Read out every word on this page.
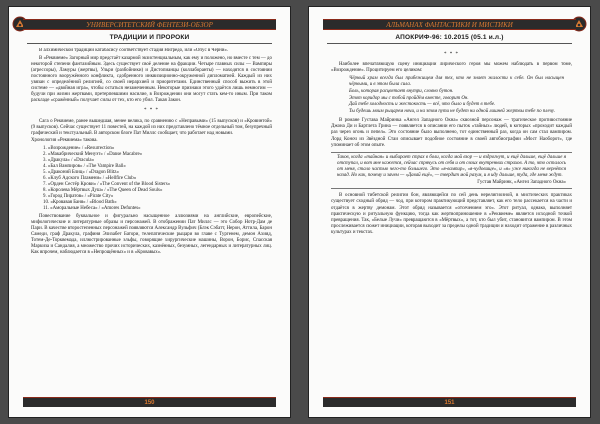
УНИВЕРСИТЕТСКИЙ ФЕНТЕЗИ-ОБЗОР
ТРАДИЦИИ И ПРОРОКИ

В алхимической традиции катабасису соответствует стадия Нигредо, или «Опус в Черни».

В «Реквиеме» Загорный мир предстаёт казармой экзистенциальным, как ему и положено, но вместе с тем — до некоторой степени фантазийным. Здесь существует своё деление на фракции. Четыре главных силы — Вампиры (агрессоры), Ламуры (жертвы), Ульри (разбойники) и Дистопианцы (коллаборанты) — находятся в состоянии постоянного вооружённого конфликта, сдобренного инквизиционно-окруженной дипломатией. Каждый из них увязан с определённой религией, со своей иерархией и приоритетами. Единственный способ выжить в этой системе — «двойная игра», чтобы остаться незамеченным. Некоторые признаки этого удаётся лишь немногим — будучи при жизни жертвами, претерпевшими насилие, в Возрождении они могут стать кем-то иным. При таком раскладе «сражённый» получает силы от тех, кто его убил. Такая Закон.

* * *

Сага о Реквиеме, ранее вышедшая, менее велика, по сравнению с «Неправыми» (15 выпусков) и «Кровинтой» (9 выпусков). Сейчас существует 11 повестей, на каждой из них представлено тёмное отдельный том, безупречный графический и текстуальный. В авторском блоге Пат Миллс сообщает, что работает над новыми.

Хронология «Реквиема» такова.

1. «Возрождение» / «Resurrection»
2. «Макабрический Менуэт» / «Danse Macabre»
3. «Дракула» / «Dracula»
4. «Бал Вампиров» / «The Vampire Ball»
5. «Драконий Блиц» / «Dragon Blitz»
6. «Клуб Адского Пламени» / «Hellfire Club»
7. «Орден Сестёр Крови» / «The Convent of the Blood Sisters»
8. «Королева Мёртвых Душ» / «The Queen of Dead Souls»
9. «Город Пиратов» / «Pirate City»
10. «Кровавая Баня» / «Blood Bath»
11. «Аморальные Небеса» / «Amores Defuntes»

Повествование буквальное и фигурально насыщенное аллюзиями на английские, европейские, мифологические и литературные образы и персонажей. В отображении Пат Миллс — это Собор Нотр-Дам де Пари. В качестве второстепенных персонажей появляются Александр Вульфич (Блэк Сэбатт, Нерон, Аттила, Барон Самеди, граф Дракула, графиня Элизабет Батори, телепатические рыцари во главе с Тургенем, демон Ахияд, Тотем-Де-Торквемада, иллюстрированные эльфы, говорящие хирургические машины, Ворон, Борис, Спасская Маркиза и Сандалия, а множество прочих исторических, казнённых, безумных, легендарных и литературных лиц. Как впрочем, наблюдается в «Непрощённых» и в «Кровавых».

150
АЛЬМАНАХ ФАНТАСТИКИ И МИСТИКИ
АПОКРИФ-96: 10.2015 (05.1 и.л.)
* * *

Наиболее впечатляющую сцену инициации лирического героя мы можем наблюдать в первом томе, «Возрождение». Процитируем его целиком:

Чёрный храм всегда был прибежищем для тех, кто не знает жалости к себе. Он был насыщен чёрными, и в этом была сила.

Боль, которая расцветает внутри, словно бутон.

Этот коридор мы с тобой пройдём вместе, говорит Он.

Дай тебе холодность и жестокость — всё, что было и будет в тебе.

Ты будешь моим рыцарем ночи, и на этом пути не будет ни одной лишней жертвы тебе по плечу.

В романе Густава Майринка «Ангел Западного Окна» сквозной персонаж — трагическое противостояние Джона Ди и Бартлета Грина — появляется в описании его пыток «тайных» людей, в которых «проходит каждый раз через огонь и пепел». Это состояние было выполнено, тот единственный раз, когда он сам стал вампиром. Лорд Коноч из Звёздной Стаи описывает подобное состояние в своей автобиографии «Мост Наоборот», где упоминает об этом опыте.

Таков, когда «тайная» и выбирает страх в боли, когда мой взор — и вздрогнут, и ещё дальше, ещё дальше я отступал, и вот мне кажется, сейчас спрячусь от себя и от своих внутренних страхов. А то, что осталось от меня, стало частью чего-то большего. Это «я-вампир», «я-чудовище», и «я» уже никогда не вернётся назад. Но как, почему и зачем — «Давай ещё», — твердит мой разум, и я иду дальше, туда, где меня ждут.

Густав Майринк, «Ангел Западного Окна»

В основной тибетской религии бон, являющейся по сей день нерелигиозной, в мистических практиках существует сходный обряд — чод, при котором практикующий представляет, как его тело рассекается на части и отдаётся в жертву демонам. Этот обряд называется «отсечением эго». Этот ритуал, однако, выполняет практическую и ритуальную функцию, тогда как жертвоприношение в «Реквиеме» является исходной точкой превращения. Так, «Белые Лучи» превращаются в «Мёртвых», а тот, кто был убит, становится вампиром. В этом прослеживается сюжет инициации, которая выходит за пределы одной традиции и находит отражение в различных культурах и текстах.

151
